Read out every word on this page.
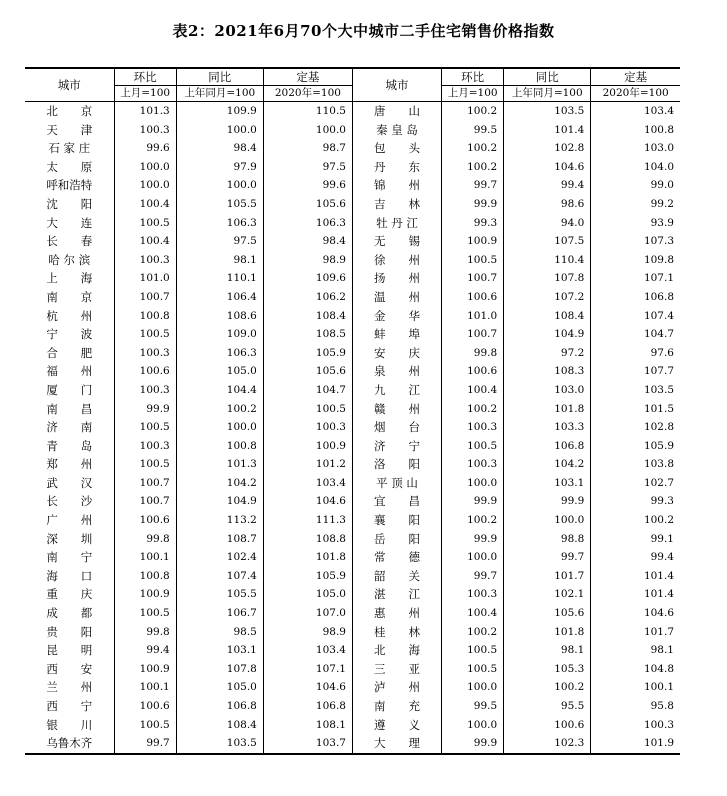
表2：2021年6月70个大中城市二手住宅销售价格指数
城市	环比	同比	定基	城市	环比	同比	定基
	上月=100	上年同月=100	2020年=100		上月=100	上年同月=100	2020年=100
北　　京	101.3	109.9	110.5	唐　　山	100.2	103.5	103.4
天　　津	100.3	100.0	100.0	秦 皇 岛	99.5	101.4	100.8
石 家 庄	99.6	98.4	98.7	包　　头	100.2	102.8	103.0
太　　原	100.0	97.9	97.5	丹　　东	100.2	104.6	104.0
呼和浩特	100.0	100.0	99.6	锦　　州	99.7	99.4	99.0
沈　　阳	100.4	105.5	105.6	吉　　林	99.9	98.6	99.2
大　　连	100.5	106.3	106.3	牡 丹 江	99.3	94.0	93.9
长　　春	100.4	97.5	98.4	无　　锡	100.9	107.5	107.3
哈 尔 滨	100.3	98.1	98.9	徐　　州	100.5	110.4	109.8
上　　海	101.0	110.1	109.6	扬　　州	100.7	107.8	107.1
南　　京	100.7	106.4	106.2	温　　州	100.6	107.2	106.8
杭　　州	100.8	108.6	108.4	金　　华	101.0	108.4	107.4
宁　　波	100.5	109.0	108.5	蚌　　埠	100.7	104.9	104.7
合　　肥	100.3	106.3	105.9	安　　庆	99.8	97.2	97.6
福　　州	100.6	105.0	105.6	泉　　州	100.6	108.3	107.7
厦　　门	100.3	104.4	104.7	九　　江	100.4	103.0	103.5
南　　昌	99.9	100.2	100.5	赣　　州	100.2	101.8	101.5
济　　南	100.5	100.0	100.3	烟　　台	100.3	103.3	102.8
青　　岛	100.3	100.8	100.9	济　　宁	100.5	106.8	105.9
郑　　州	100.5	101.3	101.2	洛　　阳	100.3	104.2	103.8
武　　汉	100.7	104.2	103.4	平 顶 山	100.0	103.1	102.7
长　　沙	100.7	104.9	104.6	宜　　昌	99.9	99.9	99.3
广　　州	100.6	113.2	111.3	襄　　阳	100.2	100.0	100.2
深　　圳	99.8	108.7	108.8	岳　　阳	99.9	98.8	99.1
南　　宁	100.1	102.4	101.8	常　　德	100.0	99.7	99.4
海　　口	100.8	107.4	105.9	韶　　关	99.7	101.7	101.4
重　　庆	100.9	105.5	105.0	湛　　江	100.3	102.1	101.4
成　　都	100.5	106.7	107.0	惠　　州	100.4	105.6	104.6
贵　　阳	99.8	98.5	98.9	桂　　林	100.2	101.8	101.7
昆　　明	99.4	103.1	103.4	北　　海	100.5	98.1	98.1
西　　安	100.9	107.8	107.1	三　　亚	100.5	105.3	104.8
兰　　州	100.1	105.0	104.6	泸　　州	100.0	100.2	100.1
西　　宁	100.6	106.8	106.8	南　　充	99.5	95.5	95.8
银　　川	100.5	108.4	108.1	遵　　义	100.0	100.6	100.3
乌鲁木齐	99.7	103.5	103.7	大　　理	99.9	102.3	101.9
